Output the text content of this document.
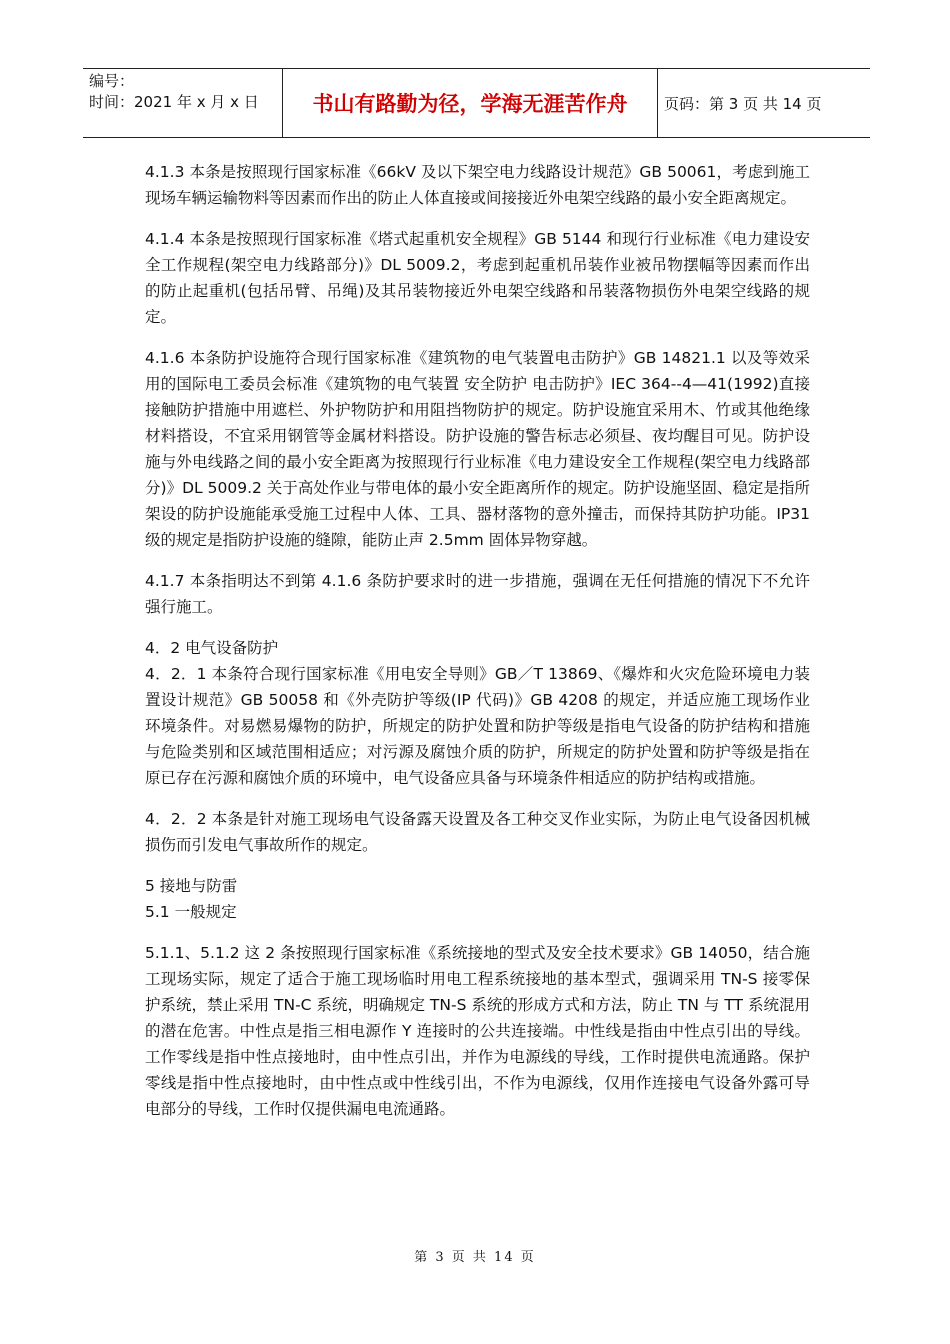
编号：
时间：2021 年 x 月 x 日	书山有路勤为径，学海无涯苦作舟	页码：第 3 页 共 14 页

4.1.3 本条是按照现行国家标准《66kV 及以下架空电力线路设计规范》GB 50061，考虑到施工现场车辆运输物料等因素而作出的防止人体直接或间接接近外电架空线路的最小安全距离规定。

4.1.4 本条是按照现行国家标准《塔式起重机安全规程》GB 5144 和现行行业标准《电力建设安全工作规程(架空电力线路部分)》DL 5009.2，考虑到起重机吊装作业被吊物摆幅等因素而作出的防止起重机(包括吊臂、吊绳)及其吊装物接近外电架空线路和吊装落物损伤外电架空线路的规定。

4.1.6 本条防护设施符合现行国家标准《建筑物的电气装置电击防护》GB 14821.1 以及等效采用的国际电工委员会标准《建筑物的电气装置 安全防护 电击防护》IEC 364--4—41(1992)直接接触防护措施中用遮栏、外护物防护和用阻挡物防护的规定。防护设施宜采用木、竹或其他绝缘材料搭设，不宜采用钢管等金属材料搭设。防护设施的警告标志必须昼、夜均醒目可见。防护设施与外电线路之间的最小安全距离为按照现行行业标准《电力建设安全工作规程(架空电力线路部分)》DL 5009.2 关于高处作业与带电体的最小安全距离所作的规定。防护设施坚固、稳定是指所架设的防护设施能承受施工过程中人体、工具、器材落物的意外撞击，而保持其防护功能。IP31 级的规定是指防护设施的缝隙，能防止声 2.5mm 固体异物穿越。

4.1.7 本条指明达不到第 4.1.6 条防护要求时的进一步措施，强调在无任何措施的情况下不允许强行施工。

4．2 电气设备防护

4．2．1 本条符合现行国家标准《用电安全导则》GB／T 13869、《爆炸和火灾危险环境电力装置设计规范》GB 50058 和《外壳防护等级(IP 代码)》GB 4208 的规定，并适应施工现场作业环境条件。对易燃易爆物的防护，所规定的防护处置和防护等级是指电气设备的防护结构和措施与危险类别和区域范围相适应；对污源及腐蚀介质的防护，所规定的防护处置和防护等级是指在原已存在污源和腐蚀介质的环境中，电气设备应具备与环境条件相适应的防护结构或措施。

4．2．2 本条是针对施工现场电气设备露天设置及各工种交叉作业实际，为防止电气设备因机械损伤而引发电气事故所作的规定。

5 接地与防雷

5.1 一般规定

5.1.1、5.1.2 这 2 条按照现行国家标准《系统接地的型式及安全技术要求》GB 14050，结合施工现场实际，规定了适合于施工现场临时用电工程系统接地的基本型式，强调采用 TN-S 接零保护系统，禁止采用 TN-C 系统，明确规定 TN-S 系统的形成方式和方法，防止 TN 与 TT 系统混用的潜在危害。中性点是指三相电源作 Y 连接时的公共连接端。中性线是指由中性点引出的导线。工作零线是指中性点接地时，由中性点引出，并作为电源线的导线，工作时提供电流通路。保护零线是指中性点接地时，由中性点或中性线引出，不作为电源线，仅用作连接电气设备外露可导电部分的导线，工作时仅提供漏电电流通路。

第 3 页 共 14 页
